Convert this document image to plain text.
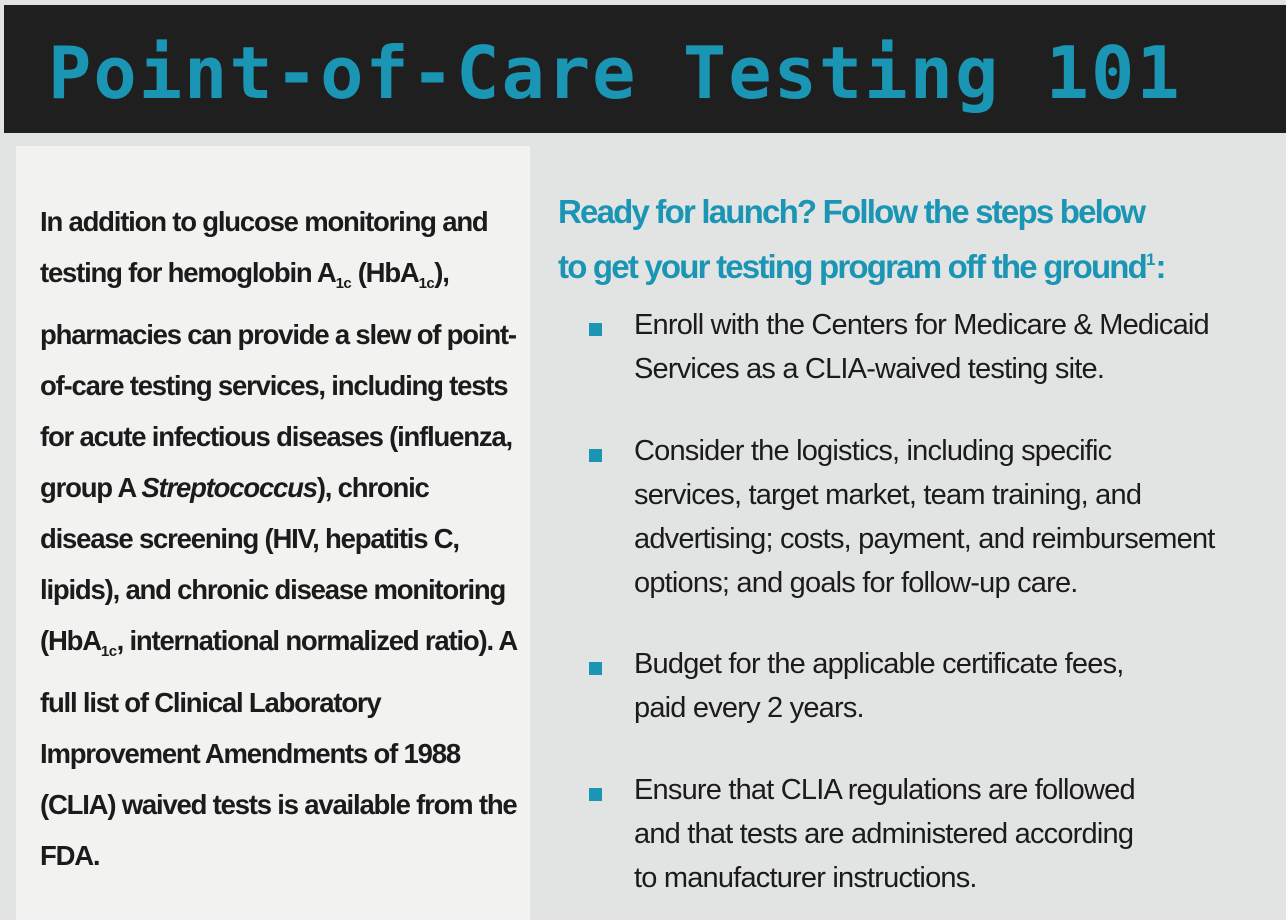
Point-of-Care Testing 101

In addition to glucose monitoring and testing for hemoglobin $A_{1c}$ (HbA$_{1c}$), pharmacies can provide a slew of point-of-care testing services, including tests for acute infectious diseases (influenza, group A Streptococcus), chronic disease screening (HIV, hepatitis C, lipids), and chronic disease monitoring (HbA$_{1c}$, international normalized ratio). A full list of Clinical Laboratory Improvement Amendments of 1988 (CLIA) waived tests is available from the FDA.

Ready for launch? Follow the steps below
to get your testing program off the ground$^1$:
Enroll with the Centers for Medicare & Medicaid
Services as a CLIA-waived testing site.
Consider the logistics, including specific
services, target market, team training, and
advertising; costs, payment, and reimbursement
options; and goals for follow-up care.
Budget for the applicable certificate fees,
paid every 2 years.
Ensure that CLIA regulations are followed
and that tests are administered according
to manufacturer instructions.
